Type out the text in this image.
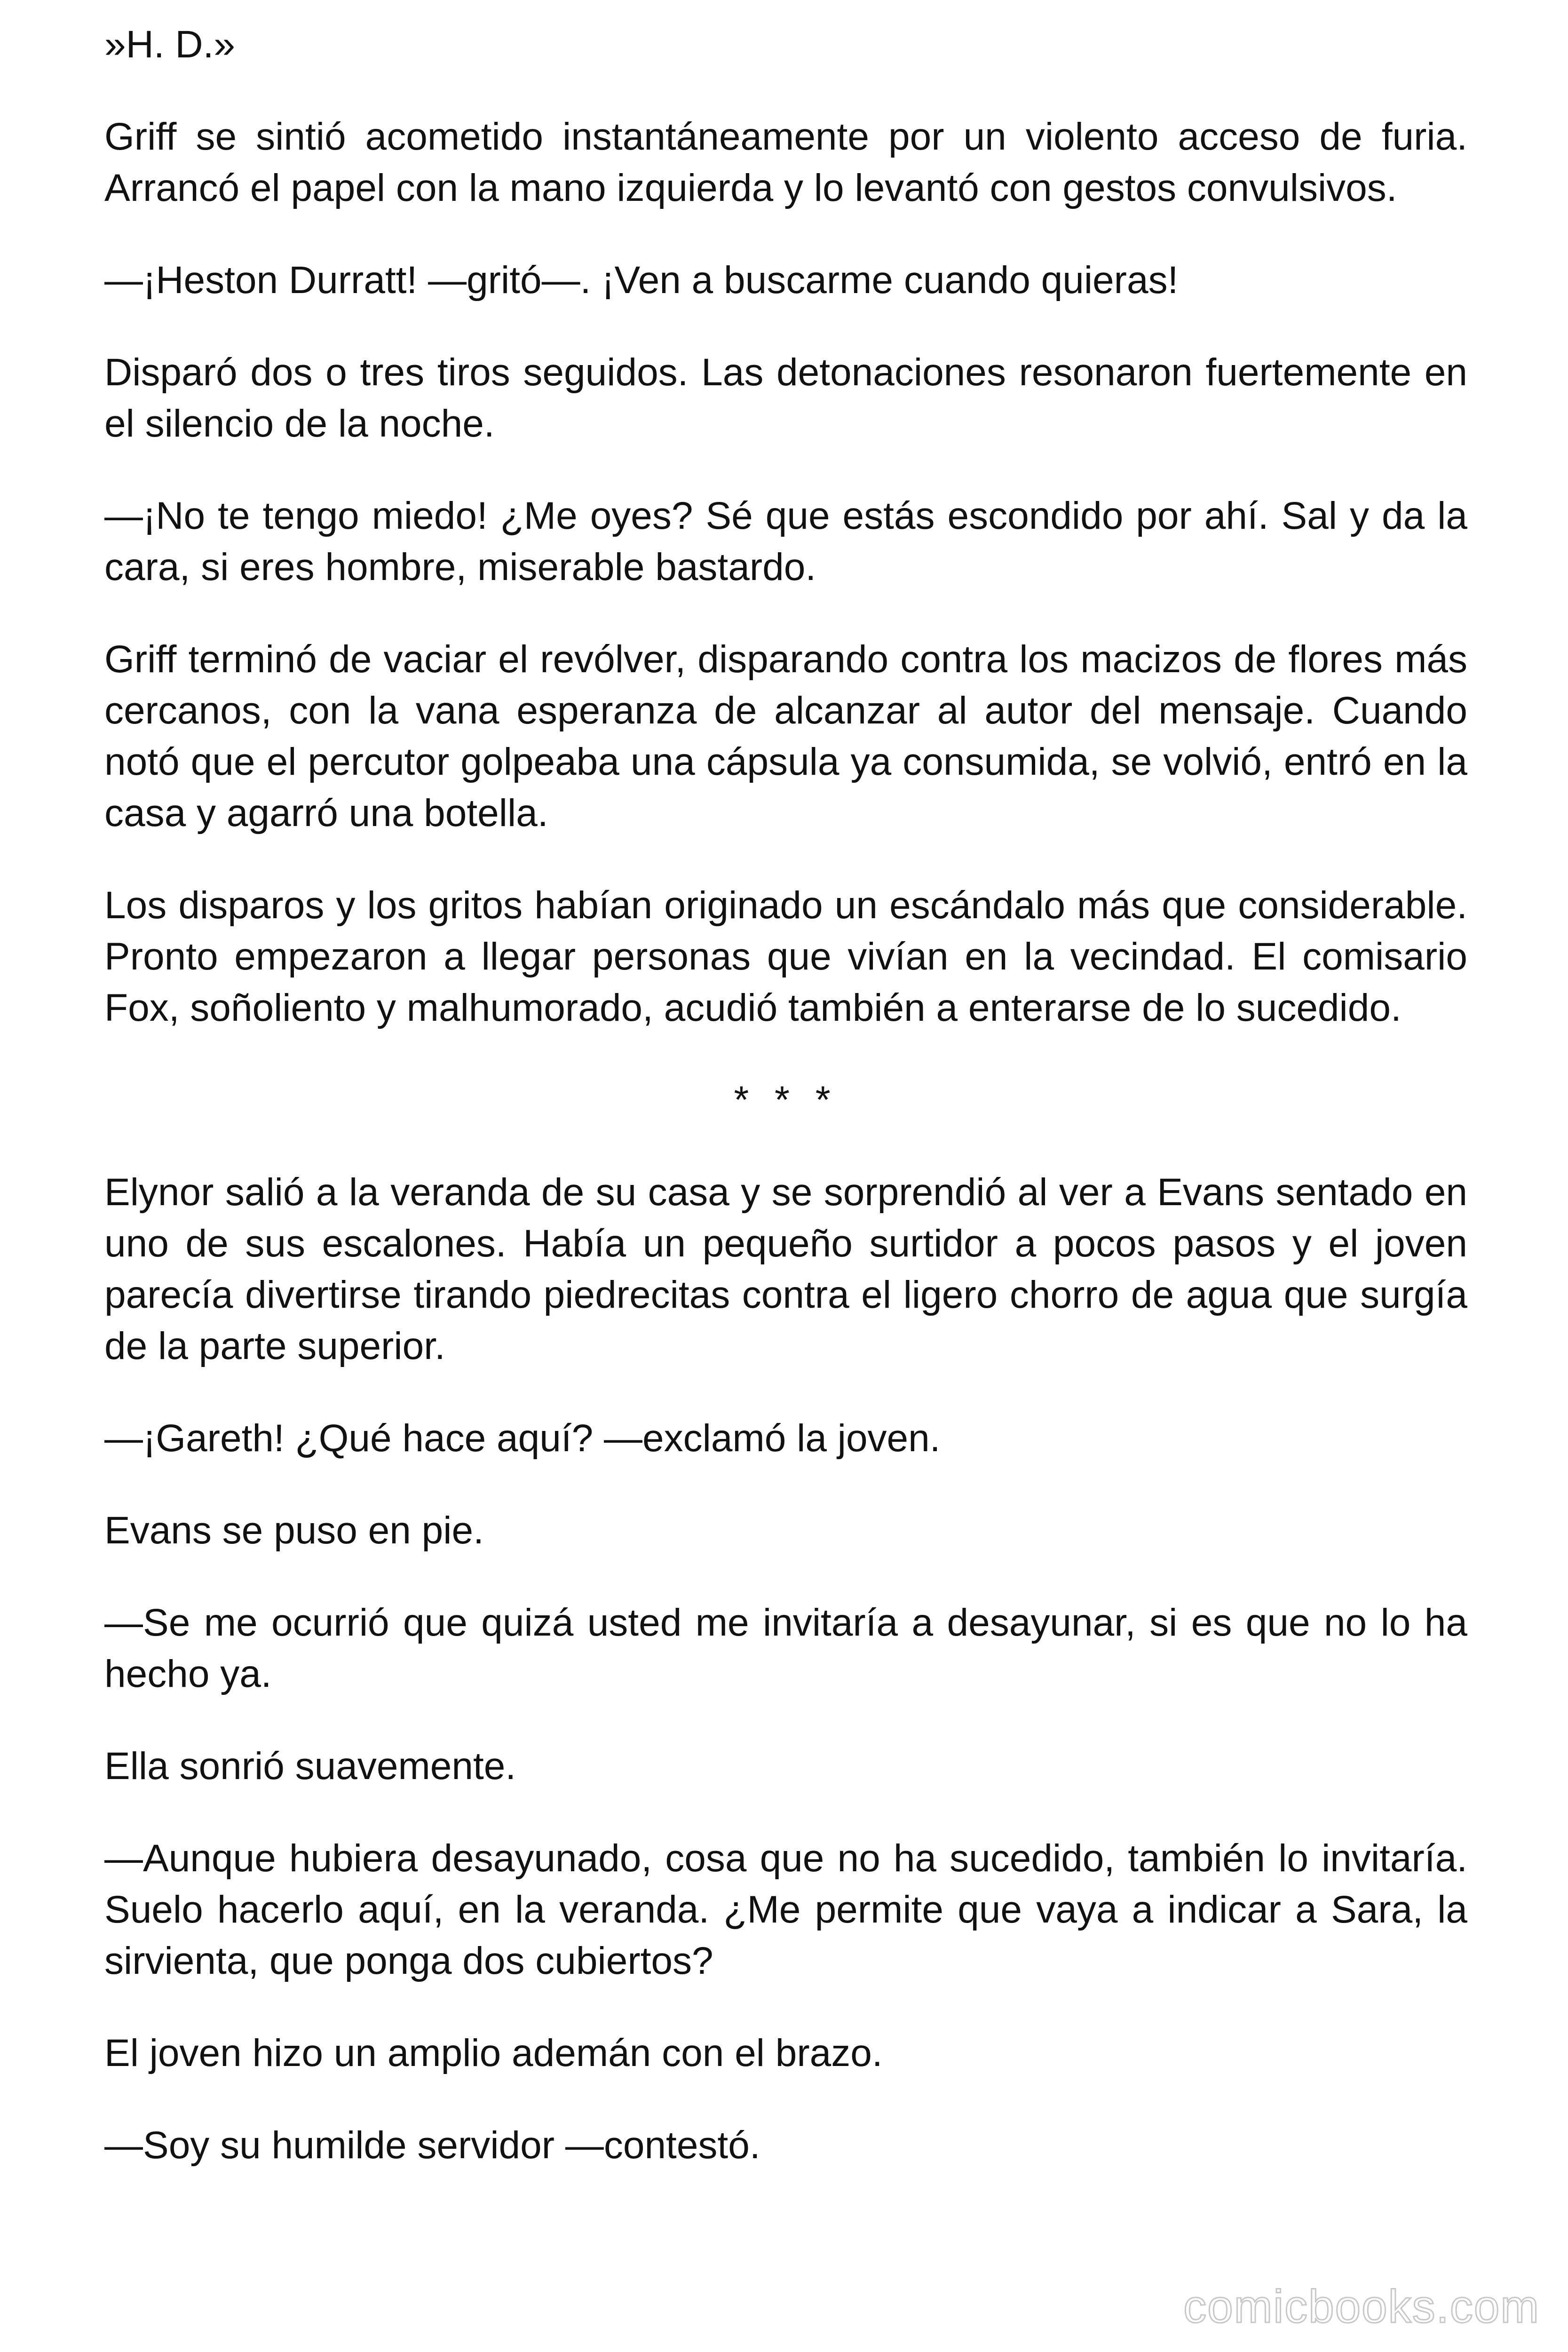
»H. D.»

Griff se sintió acometido instantáneamente por un violento acceso de furia. Arrancó el papel con la mano izquierda y lo levantó con gestos convulsivos.

—¡Heston Durratt! —gritó—. ¡Ven a buscarme cuando quieras!

Disparó dos o tres tiros seguidos. Las detonaciones resonaron fuertemente en el silencio de la noche.

—¡No te tengo miedo! ¿Me oyes? Sé que estás escondido por ahí. Sal y da la cara, si eres hombre, miserable bastardo.

Griff terminó de vaciar el revólver, disparando contra los macizos de flores más cercanos, con la vana esperanza de alcanzar al autor del mensaje. Cuando notó que el percutor golpeaba una cápsula ya consumida, se volvió, entró en la casa y agarró una botella.

Los disparos y los gritos habían originado un escándalo más que considerable. Pronto empezaron a llegar personas que vivían en la vecindad. El comisario Fox, soñoliento y malhumorado, acudió también a enterarse de lo sucedido.

* * *

Elynor salió a la veranda de su casa y se sorprendió al ver a Evans sentado en uno de sus escalones. Había un pequeño surtidor a pocos pasos y el joven parecía divertirse tirando piedrecitas contra el ligero chorro de agua que surgía de la parte superior.

—¡Gareth! ¿Qué hace aquí? —exclamó la joven.

Evans se puso en pie.

—Se me ocurrió que quizá usted me invitaría a desayunar, si es que no lo ha hecho ya.

Ella sonrió suavemente.

—Aunque hubiera desayunado, cosa que no ha sucedido, también lo invitaría. Suelo hacerlo aquí, en la veranda. ¿Me permite que vaya a indicar a Sara, la sirvienta, que ponga dos cubiertos?

El joven hizo un amplio ademán con el brazo.

—Soy su humilde servidor —contestó.

comicbooks.com
